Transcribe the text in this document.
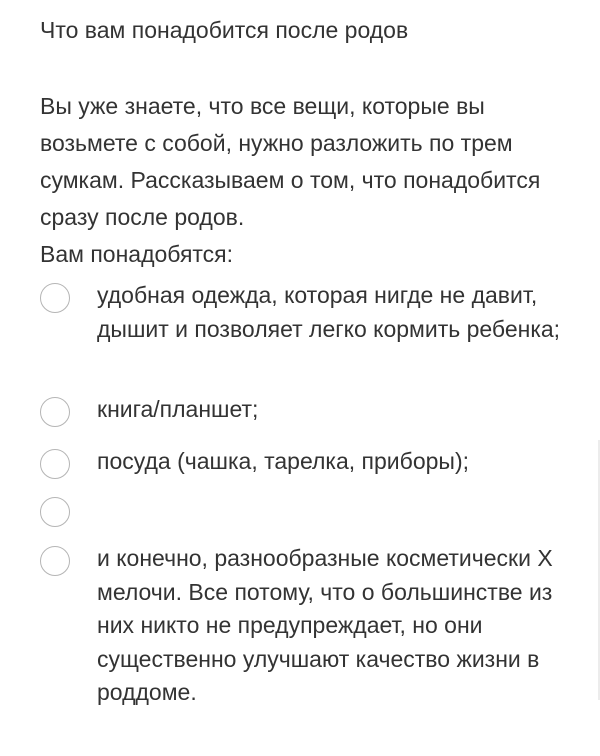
Что вам понадобится после родов

Вы уже знаете, что все вещи, которые вы возьмете с собой, нужно разложить по трем сумкам. Рассказываем о том, что понадобится сразу после родов.

Вам понадобятся:

удобная одежда, которая нигде не давит, дышит и позволяет легко кормить ребенка;
книга/планшет;
посуда (чашка, тарелка, приборы);
и конечно, разнообразные косметически Х мелочи. Все потому, что о большинстве из них никто не предупреждает, но они существенно улучшают качество жизни в роддоме.
